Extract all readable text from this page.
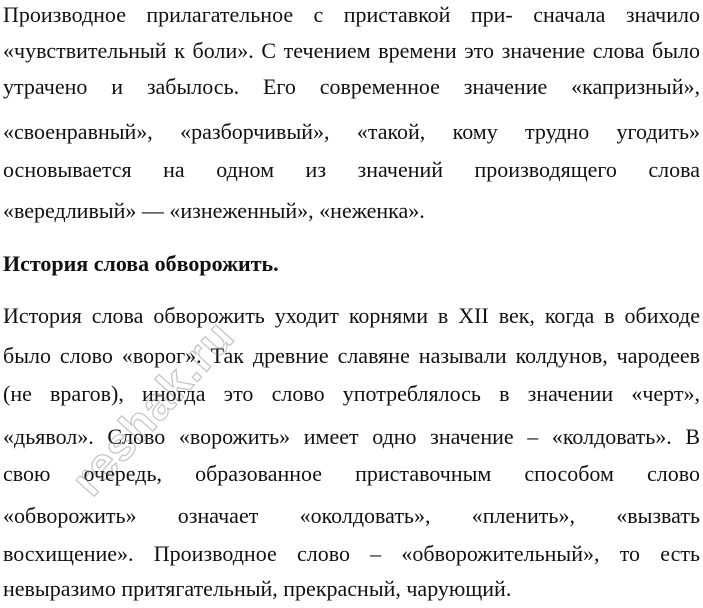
Производное прилагательное с приставкой при- сначала значило
«чувствительный к боли». С течением времени это значение слова было
утрачено и забылось. Его современное значение «капризный»,
«своенравный», «разборчивый», «такой, кому трудно угодить»
основывается на одном из значений производящего слова
«вередливый» — «изнеженный», «неженка».
История слова обворожить.
История слова обворожить уходит корнями в XII век, когда в обиходе
было слово «ворог». Так древние славяне называли колдунов, чародеев
(не врагов), иногда это слово употреблялось в значении «черт»,
«дьявол». Слово «ворожить» имеет одно значение – «колдовать». В
свою очередь, образованное приставочным способом слово
«обворожить» означает «околдовать», «пленить», «вызвать
восхищение». Производное слово – «обворожительный», то есть
невыразимо притягательный, прекрасный, чарующий.
reshak.ru
